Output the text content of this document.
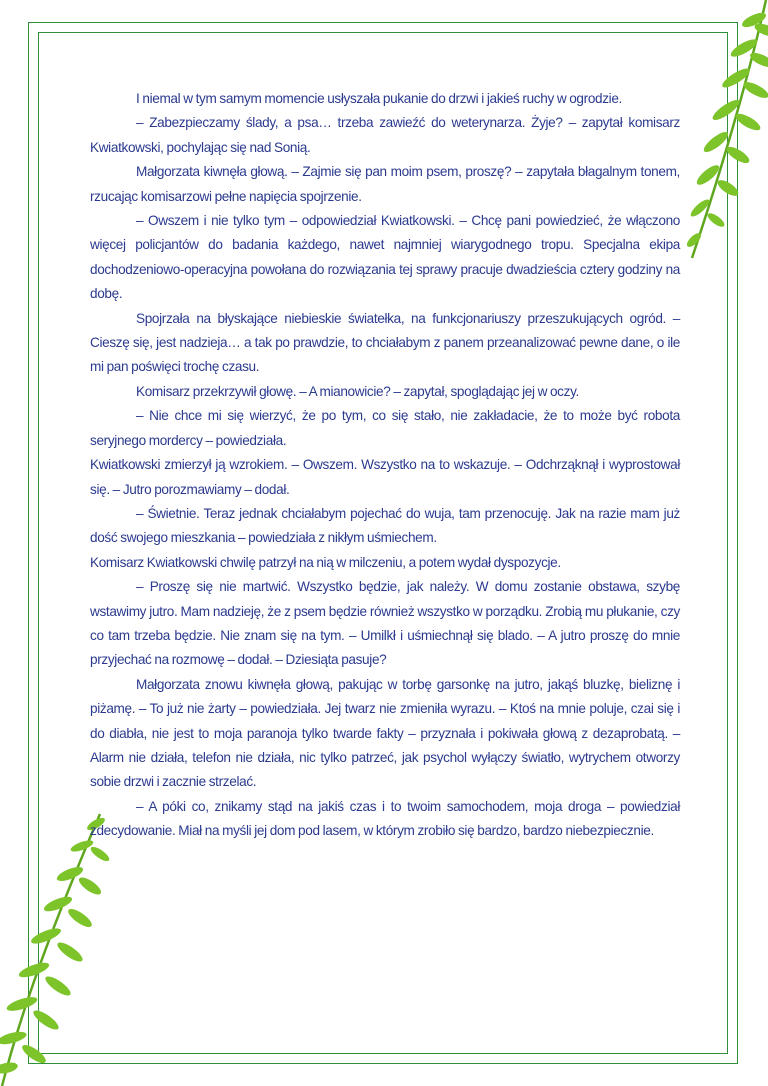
I niemal w tym samym momencie usłyszała pukanie do drzwi i jakieś ruchy w ogrodzie.

– Zabezpieczamy ślady, a psa… trzeba zawieźć do weterynarza. Żyje? – zapytał komisarz Kwiatkowski, pochylając się nad Sonią.

Małgorzata kiwnęła głową. – Zajmie się pan moim psem, proszę? – zapytała błagalnym tonem, rzucając komisarzowi pełne napięcia spojrzenie.

– Owszem i nie tylko tym – odpowiedział Kwiatkowski. – Chcę pani powiedzieć, że włączono więcej policjantów do badania każdego, nawet najmniej wiarygodnego tropu. Specjalna ekipa dochodzeniowo-operacyjna powołana do rozwiązania tej sprawy pracuje dwadzieścia cztery godziny na dobę.

Spojrzała na błyskające niebieskie światełka, na funkcjonariuszy przeszukujących ogród. – Cieszę się, jest nadzieja… a tak po prawdzie, to chciałabym z panem przeanalizować pewne dane, o ile mi pan poświęci trochę czasu.

Komisarz przekrzywił głowę. – A mianowicie? – zapytał, spoglądając jej w oczy.

– Nie chce mi się wierzyć, że po tym, co się stało, nie zakładacie, że to może być robota seryjnego mordercy – powiedziała.

Kwiatkowski zmierzył ją wzrokiem. – Owszem. Wszystko na to wskazuje. – Odchrząknął i wyprostował się. – Jutro porozmawiamy – dodał.

– Świetnie. Teraz jednak chciałabym pojechać do wuja, tam przenocuję. Jak na razie mam już dość swojego mieszkania – powiedziała z nikłym uśmiechem.

Komisarz Kwiatkowski chwilę patrzył na nią w milczeniu, a potem wydał dyspozycje.

– Proszę się nie martwić. Wszystko będzie, jak należy. W domu zostanie obstawa, szybę wstawimy jutro. Mam nadzieję, że z psem będzie również wszystko w porządku. Zrobią mu płukanie, czy co tam trzeba będzie. Nie znam się na tym. – Umilkł i uśmiechnął się blado. – A jutro proszę do mnie przyjechać na rozmowę – dodał. – Dziesiąta pasuje?

Małgorzata znowu kiwnęła głową, pakując w torbę garsonkę na jutro, jakąś bluzkę, bieliznę i piżamę. – To już nie żarty – powiedziała. Jej twarz nie zmieniła wyrazu. – Ktoś na mnie poluje, czai się i do diabła, nie jest to moja paranoja tylko twarde fakty – przyznała i pokiwała głową z dezaprobatą. – Alarm nie działa, telefon nie działa, nic tylko patrzeć, jak psychol wyłączy światło, wytrychem otworzy sobie drzwi i zacznie strzelać.

– A póki co, znikamy stąd na jakiś czas i to twoim samochodem, moja droga – powiedział zdecydowanie. Miał na myśli jej dom pod lasem, w którym zrobiło się bardzo, bardzo niebezpiecznie.
